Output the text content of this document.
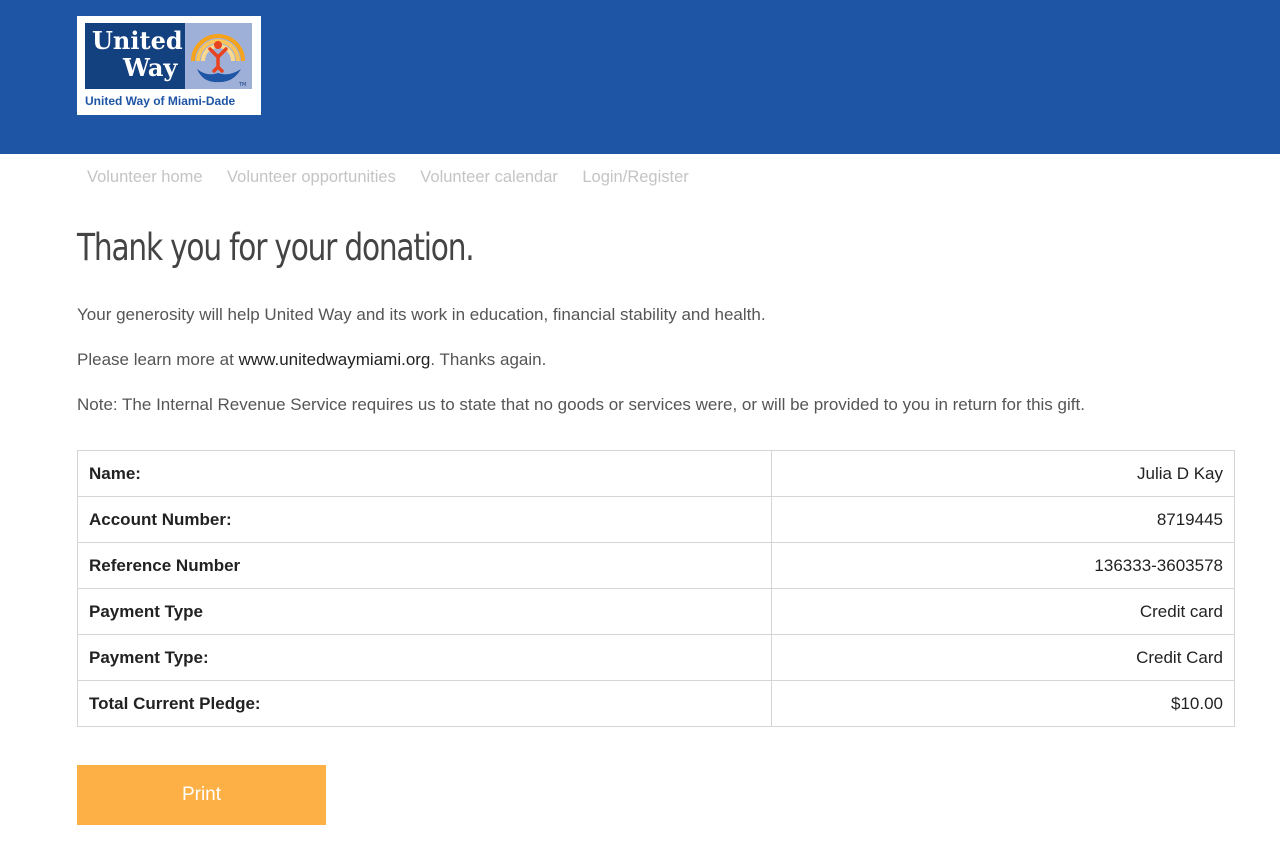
United
Way
TM
United Way of Miami-Dade
Volunteer home Volunteer opportunities Volunteer calendar Login/Register
Thank you for your donation.

Your generosity will help United Way and its work in education, financial stability and health.

Please learn more at www.unitedwaymiami.org. Thanks again.

Note: The Internal Revenue Service requires us to state that no goods or services were, or will be provided to you in return for this gift.

Name:	Julia D Kay
Account Number:	8719445
Reference Number	136333-3603578
Payment Type	Credit card
Payment Type:	Credit Card
Total Current Pledge:	$10.00
Print
